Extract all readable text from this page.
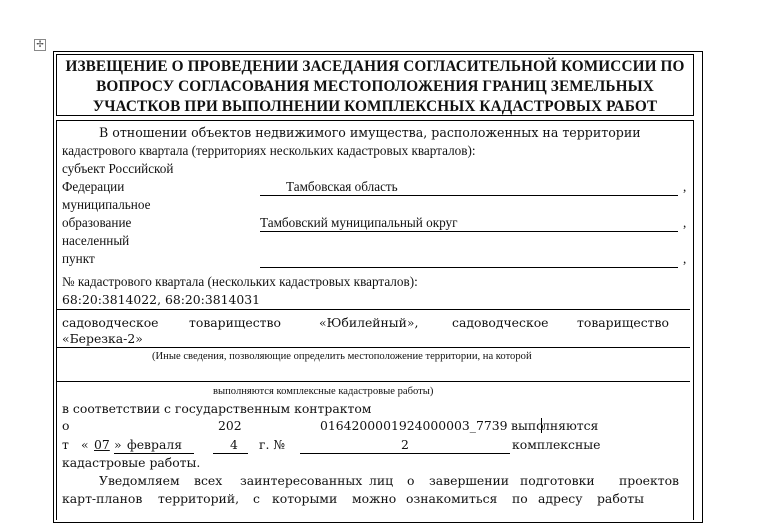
✢
ИЗВЕЩЕНИЕ О ПРОВЕДЕНИИ ЗАСЕДАНИЯ СОГЛАСИТЕЛЬНОЙ КОМИССИИ ПО
ВОПРОСУ СОГЛАСОВАНИЯ МЕСТОПОЛОЖЕНИЯ ГРАНИЦ ЗЕМЕЛЬНЫХ
УЧАСТКОВ ПРИ ВЫПОЛНЕНИИ КОМПЛЕКСНЫХ КАДАСТРОВЫХ РАБОТ
В отношении объектов недвижимого имущества, расположенных на территории
кадастрового квартала (территориях нескольких кадастровых кварталов):
субъект Российской
Федерации	Тамбовская область	,
муниципальное
образование	Тамбовский муниципальный округ	,
населенный
пункт	,
№ кадастрового квартала (нескольких кадастровых кварталов):
68:20:3814022, 68:20:3814031
садоводческое товарищество	«Юбилейный»,	садоводческое товарищество
«Березка-2»
(Иные сведения, позволяющие определить местоположение территории, на которой
выполняются комплексные кадастровые работы)
в соответствии с государственным контрактом
о	202	0164200001924000003_7739 выпо
лняются
т « 07 » февраля	4 г. №	2	комплексные
кадастровые работы.
Уведомляем всех заинтересованных лиц о завершении подготовки проектов
карт-планов территорий, с которыми можно ознакомиться по адресу работы
